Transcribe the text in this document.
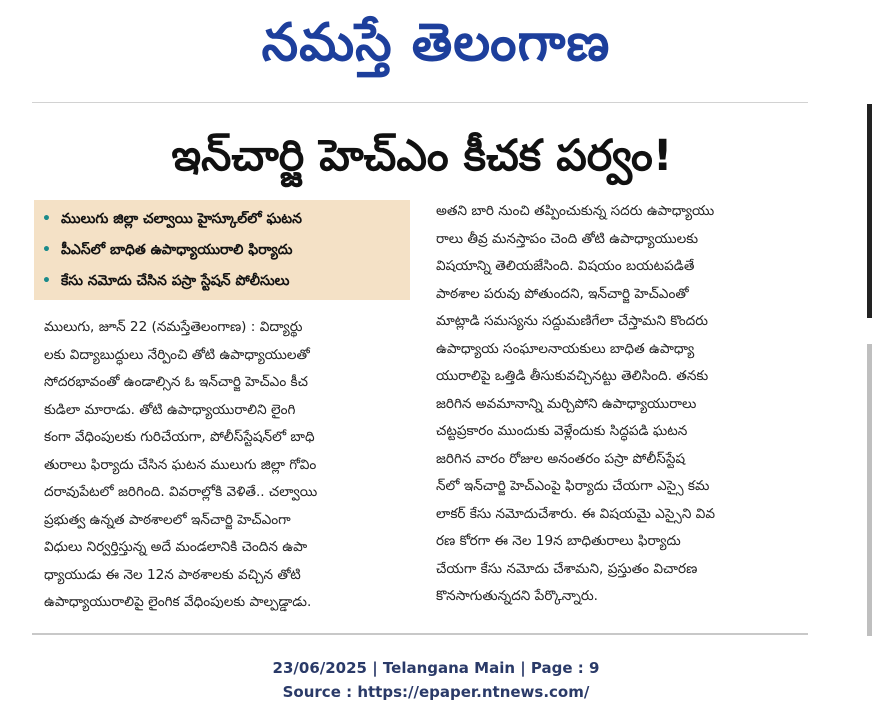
నమస్తే తెలంగాణ
ఇన్‌చార్జి హెచ్‌ఎం కీచక పర్వం!
• ములుగు జిల్లా చల్వాయి హైస్కూల్‌లో ఘటన
• పీఎస్‌లో బాధిత ఉపాధ్యాయురాలి ఫిర్యాదు
• కేసు నమోదు చేసిన పస్రా స్టేషన్ పోలీసులు

ములుగు, జూన్ 22 (నమస్తేతెలంగాణ) : విద్యార్థు
లకు విద్యాబుద్ధులు నేర్పించి తోటి ఉపాధ్యాయులతో
సోదరభావంతో ఉండాల్సిన ఓ ఇన్‌చార్జి హెచ్‌ఎం కీచ
కుడిలా మారాడు. తోటి ఉపాధ్యాయురాలిని లైంగి
కంగా వేధింపులకు గురిచేయగా, పోలీస్‌స్టేషన్‌లో బాధి
తురాలు ఫిర్యాదు చేసిన ఘటన ములుగు జిల్లా గోవిం
దరావుపేటలో జరిగింది. వివరాల్లోకి వెళితే.. చల్వాయి
ప్రభుత్వ ఉన్నత పాఠశాలలో ఇన్‌చార్జి హెచ్‌ఎంగా
విధులు నిర్వర్తిస్తున్న అదే మండలానికి చెందిన ఉపా
ధ్యాయుడు ఈ నెల 12న పాఠశాలకు వచ్చిన తోటి
ఉపాధ్యాయురాలిపై లైంగిక వేధింపులకు పాల్పడ్డాడు.

అతని బారి నుంచి తప్పించుకున్న సదరు ఉపాధ్యాయు
రాలు తీవ్ర మనస్తాపం చెంది తోటి ఉపాధ్యాయులకు
విషయాన్ని తెలియజేసింది. విషయం బయటపడితే
పాఠశాల పరువు పోతుందని, ఇన్‌చార్జి హెచ్‌ఎంతో
మాట్లాడి సమస్యను సద్దుమణిగేలా చేస్తామని కొందరు
ఉపాధ్యాయ సంఘాలనాయకులు బాధిత ఉపాధ్యా
యురాలిపై ఒత్తిడి తీసుకువచ్చినట్టు తెలిసింది. తనకు
జరిగిన అవమానాన్ని మర్చిపోని ఉపాధ్యాయురాలు
చట్టప్రకారం ముందుకు వెళ్లేందుకు సిద్ధపడి ఘటన
జరిగిన వారం రోజుల అనంతరం పస్రా పోలీస్‌స్టేష
న్‌లో ఇన్‌చార్జి హెచ్‌ఎంపై ఫిర్యాదు చేయగా ఎస్సై కమ
లాకర్ కేసు నమోదుచేశారు. ఈ విషయమై ఎస్సైని వివ
రణ కోరగా ఈ నెల 19న బాధితురాలు ఫిర్యాదు
చేయగా కేసు నమోదు చేశామని, ప్రస్తుతం విచారణ
కొనసాగుతున్నదని పేర్కొన్నారు.

23/06/2025 | Telangana Main | Page : 9
Source : https://epaper.ntnews.com/
